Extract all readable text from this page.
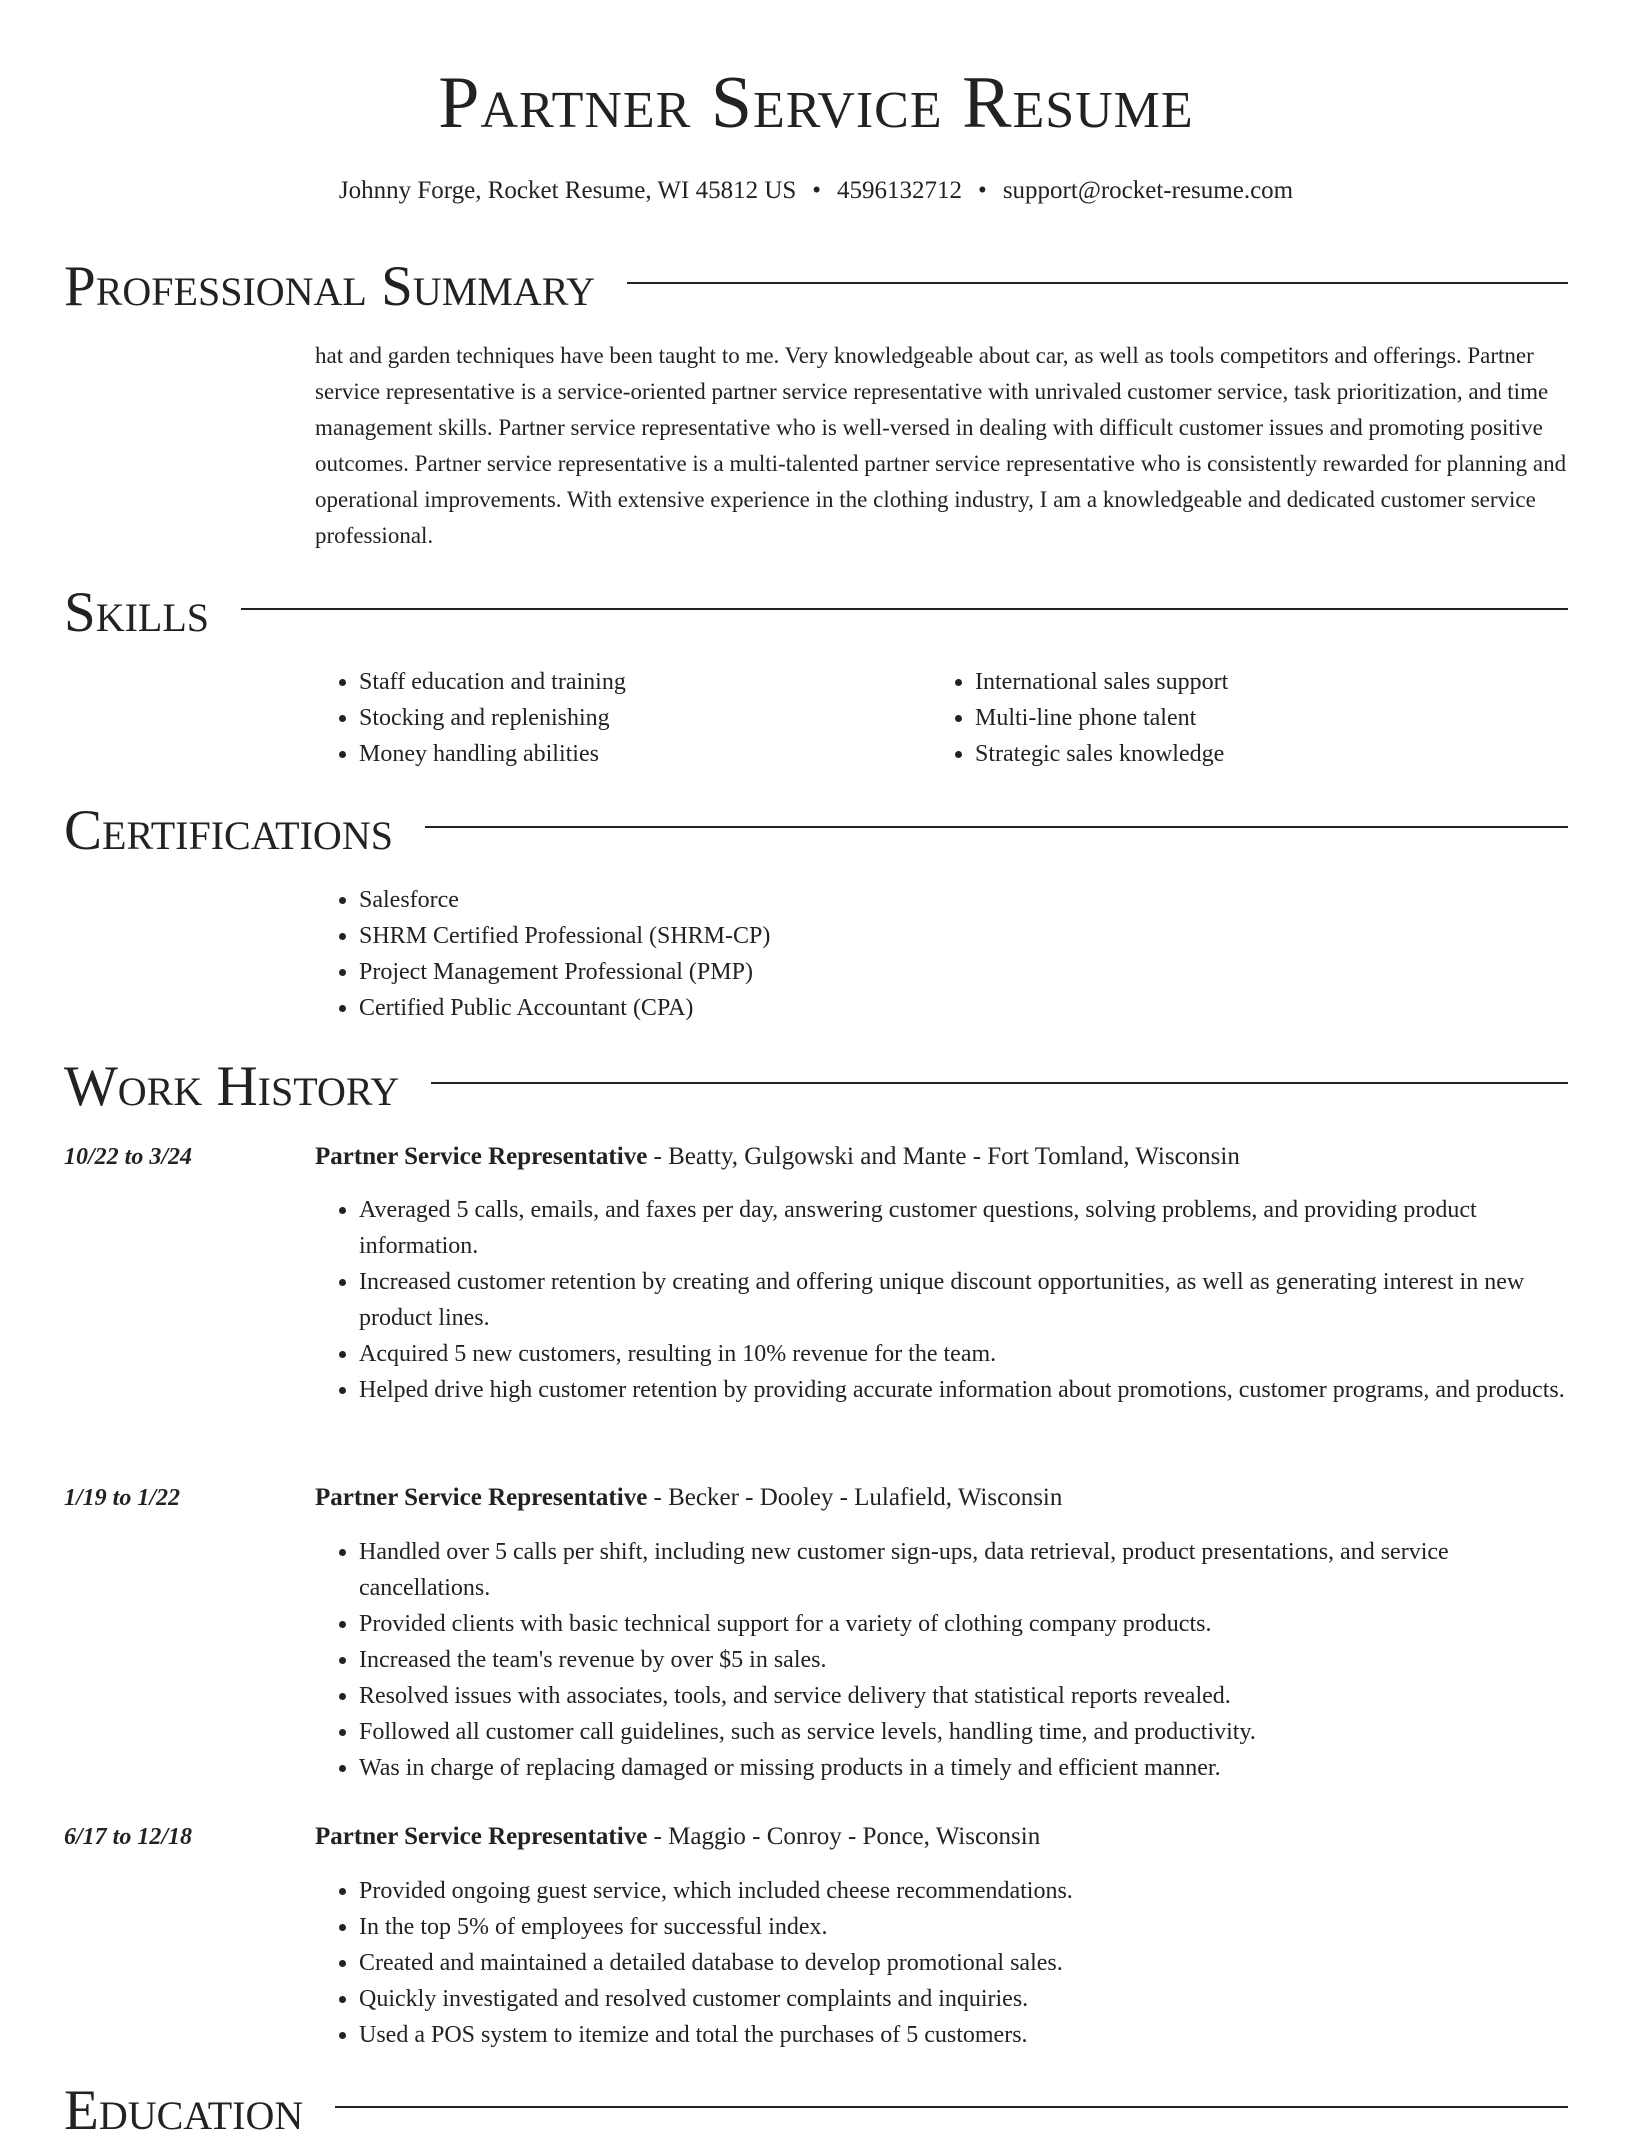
Partner Service Resume
Johnny Forge, Rocket Resume, WI 45812 US • 4596132712 • support@rocket-resume.com
Professional Summary

hat and garden techniques have been taught to me. Very knowledgeable about car, as well as tools competitors and offerings. Partner service representative is a service-oriented partner service representative with unrivaled customer service, task prioritization, and time management skills. Partner service representative who is well-versed in dealing with difficult customer issues and promoting positive outcomes. Partner service representative is a multi-talented partner service representative who is consistently rewarded for planning and operational improvements. With extensive experience in the clothing industry, I am a knowledgeable and dedicated customer service professional.

Skills
• Staff education and training
• Stocking and replenishing
• Money handling abilities
• International sales support
• Multi-line phone talent
• Strategic sales knowledge
Certifications
• Salesforce
• SHRM Certified Professional (SHRM-CP)
• Project Management Professional (PMP)
• Certified Public Accountant (CPA)
Work History
10/22 to 3/24	Partner Service Representative - Beatty, Gulgowski and Mante - Fort Tomland, Wisconsin
• Averaged 5 calls, emails, and faxes per day, answering customer questions, solving problems, and providing product information.
• Increased customer retention by creating and offering unique discount opportunities, as well as generating interest in new product lines.
• Acquired 5 new customers, resulting in 10% revenue for the team.
• Helped drive high customer retention by providing accurate information about promotions, customer programs, and products.
1/19 to 1/22	Partner Service Representative - Becker - Dooley - Lulafield, Wisconsin
• Handled over 5 calls per shift, including new customer sign-ups, data retrieval, product presentations, and service cancellations.
• Provided clients with basic technical support for a variety of clothing company products.
• Increased the team's revenue by over $5 in sales.
• Resolved issues with associates, tools, and service delivery that statistical reports revealed.
• Followed all customer call guidelines, such as service levels, handling time, and productivity.
• Was in charge of replacing damaged or missing products in a timely and efficient manner.
6/17 to 12/18	Partner Service Representative - Maggio - Conroy - Ponce, Wisconsin
• Provided ongoing guest service, which included cheese recommendations.
• In the top 5% of employees for successful index.
• Created and maintained a detailed database to develop promotional sales.
• Quickly investigated and resolved customer complaints and inquiries.
• Used a POS system to itemize and total the purchases of 5 customers.
Education
